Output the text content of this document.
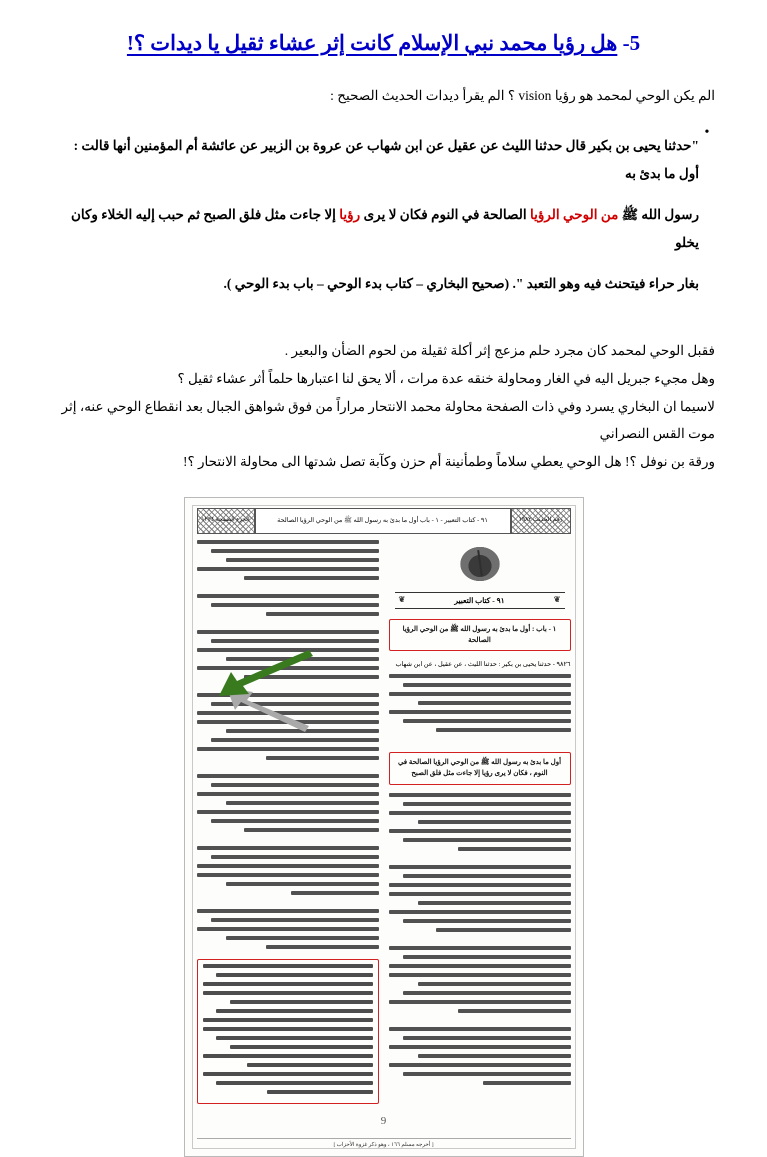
5- هل رؤيا محمد نبي الإسلام كانت إثر عشاء ثقيل يا ديدات ؟!

الم يكن الوحي لمحمد هو رؤيا vision ؟ الم يقرأ ديدات الحديث الصحيح :

•

"حدثنا يحيى بن بكير قال حدثنا الليث عن عقيل عن ابن شهاب عن عروة بن الزبير عن عائشة أم المؤمنين أنها قالت : أول ما بدئ به

رسول الله ﷺ من الوحي الرؤيا الصالحة في النوم فكان لا يرى رؤيا إلا جاءت مثل فلق الصبح ثم حبب إليه الخلاء وكان يخلو

بغار حراء فيتحنث فيه وهو التعبد ". (صحيح البخاري – كتاب بدء الوحي – باب بدء الوحي ).

فقبل الوحي لمحمد كان مجرد حلم مزعج إثر أكلة ثقيلة من لحوم الضأن والبعير .

وهل مجيء جبريل اليه في الغار ومحاولة خنقه عدة مرات ، ألا يحق لنا اعتبارها حلماً أثر عشاء ثقيل ؟

لاسيما ان البخاري يسرد وفي ذات الصفحة محاولة محمد الانتحار مراراً من فوق شواهق الجبال بعد انقطاع الوحي عنه، إثر موت القس النصراني

ورقة بن نوفل ؟! هل الوحي يعطي سلاماً وطمأنينة أم حزن وكآبة تصل شدتها الى محاولة الانتحار ؟!

رقم الحديث ١٩٨٢
٩١ - كتاب التعبير - ١ - باب أول ما بدئ به رسول الله ﷺ من الوحي الرؤيا الصالحة
الجزء الصفحة ١٢٣٤
❦ ٩١ - كتاب التعبير ❦
١ - باب : أول ما بدئ به رسول الله ﷺ من الوحي الرؤيا الصالحة
٩٨٢٦ - حدثنا يحيى بن بكير : حدثنا الليث ، عن عقيل ، عن ابن شهاب
أول ما بدئ به رسول الله ﷺ من الوحي الرؤيا الصالحة في النوم ، فكان لا يرى رؤيا إلا جاءت مثل فلق الصبح
[ أخرجه مسلم ١٦٦ ، وهو ذكر غزوة الأحزاب ]
9
